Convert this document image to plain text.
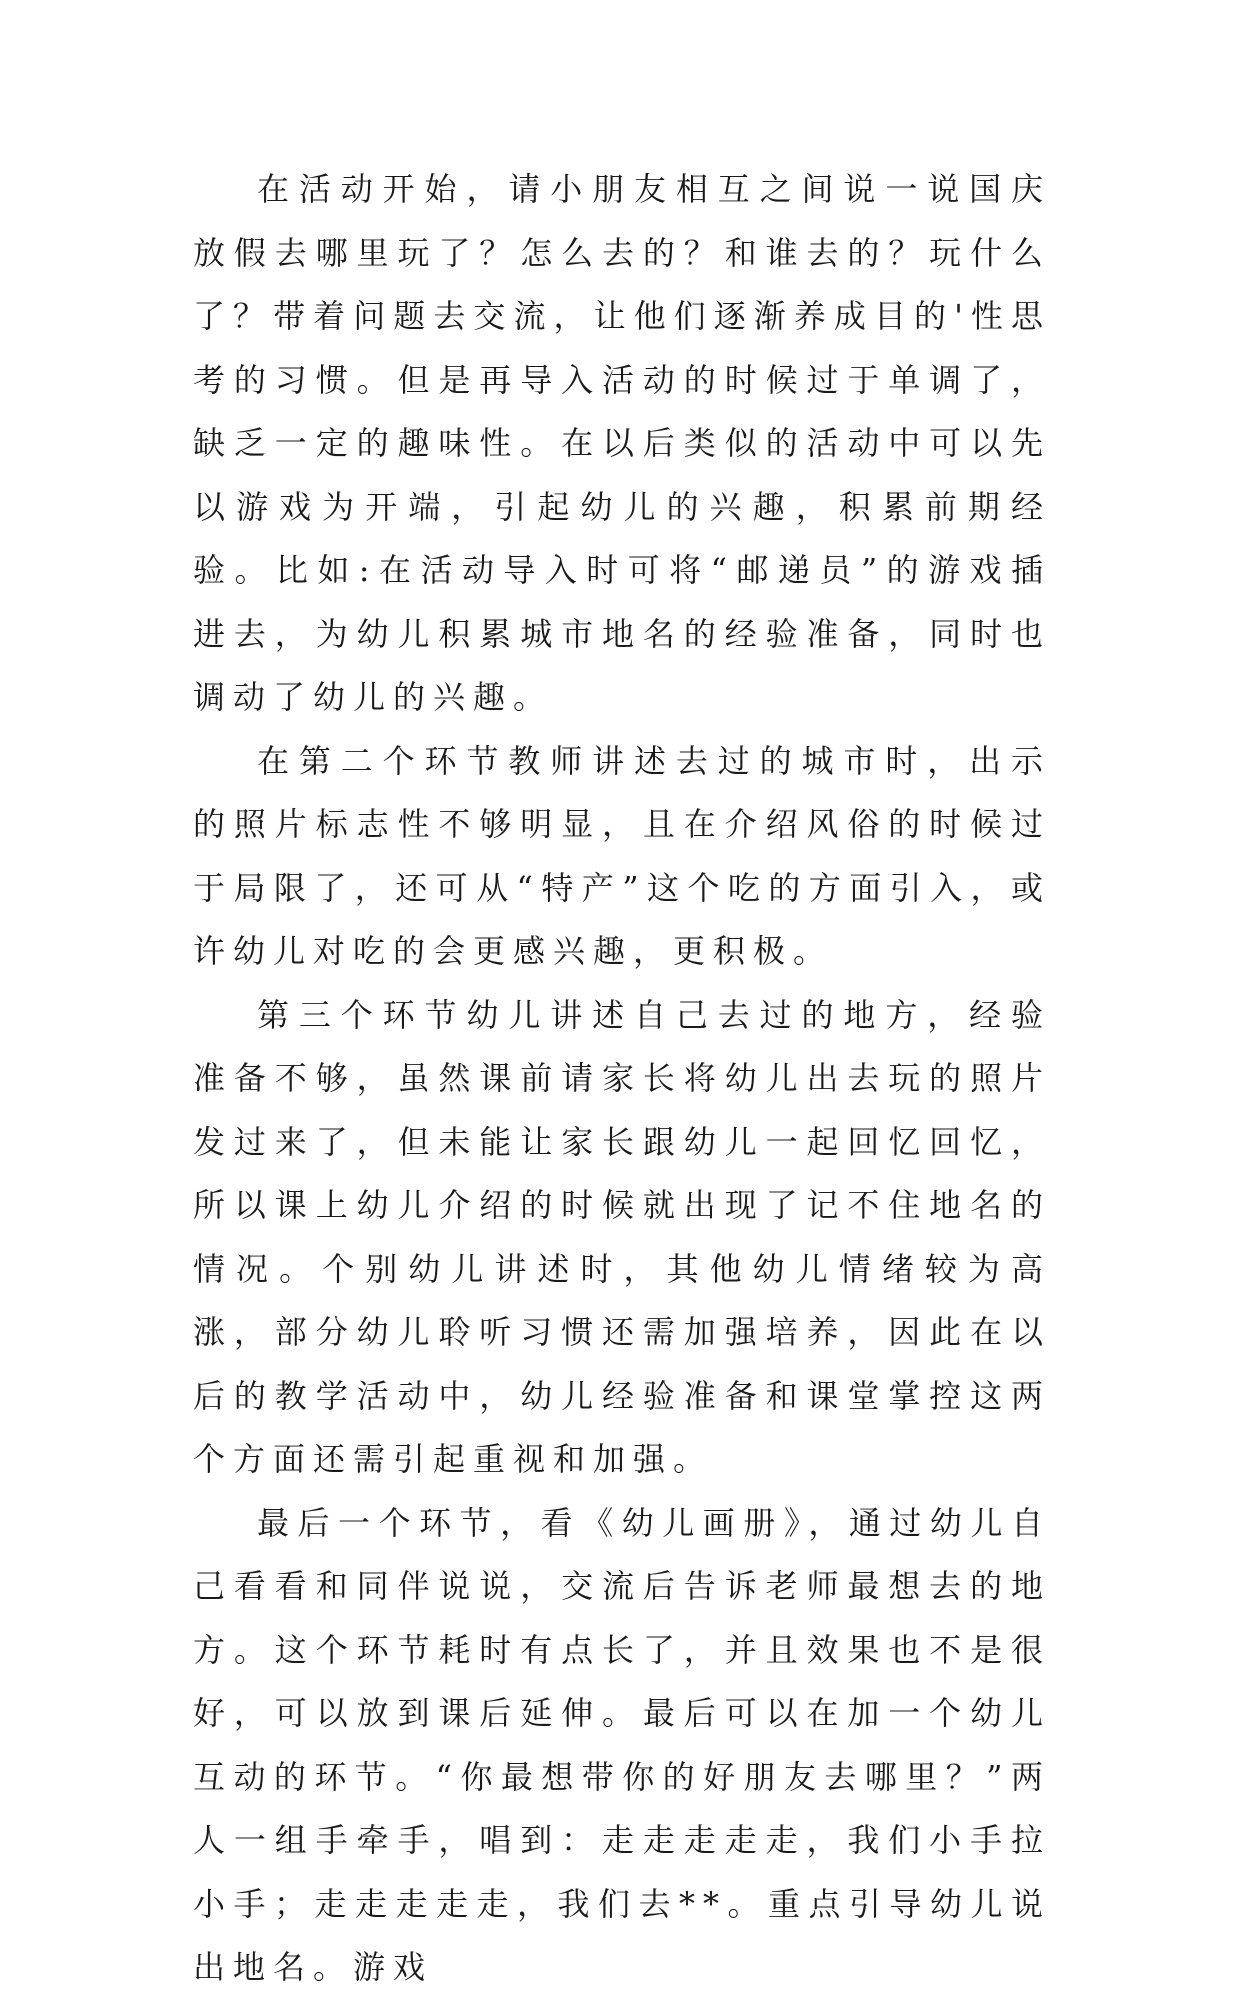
在活动开始，请小朋友相互之间说一说国庆放假去哪里玩了？怎么去的？和谁去的？玩什么了？带着问题去交流，让他们逐渐养成目的'性思考的习惯。但是再导入活动的时候过于单调了，缺乏一定的趣味性。在以后类似的活动中可以先以游戏为开端，引起幼儿的兴趣，积累前期经验。比如:在活动导入时可将“邮递员”的游戏插进去，为幼儿积累城市地名的经验准备，同时也调动了幼儿的兴趣。

在第二个环节教师讲述去过的城市时，出示的照片标志性不够明显，且在介绍风俗的时候过于局限了，还可从“特产”这个吃的方面引入，或许幼儿对吃的会更感兴趣，更积极。

第三个环节幼儿讲述自己去过的地方，经验准备不够，虽然课前请家长将幼儿出去玩的照片发过来了，但未能让家长跟幼儿一起回忆回忆，所以课上幼儿介绍的时候就出现了记不住地名的情况。个别幼儿讲述时，其他幼儿情绪较为高涨，部分幼儿聆听习惯还需加强培养，因此在以后的教学活动中，幼儿经验准备和课堂掌控这两个方面还需引起重视和加强。

最后一个环节，看《幼儿画册》，通过幼儿自己看看和同伴说说，交流后告诉老师最想去的地方。这个环节耗时有点长了，并且效果也不是很好，可以放到课后延伸。最后可以在加一个幼儿互动的环节。“你最想带你的好朋友去哪里？”两人一组手牵手，唱到：走走走走走，我们小手拉小手；走走走走走，我们去**。重点引导幼儿说出地名。游戏
